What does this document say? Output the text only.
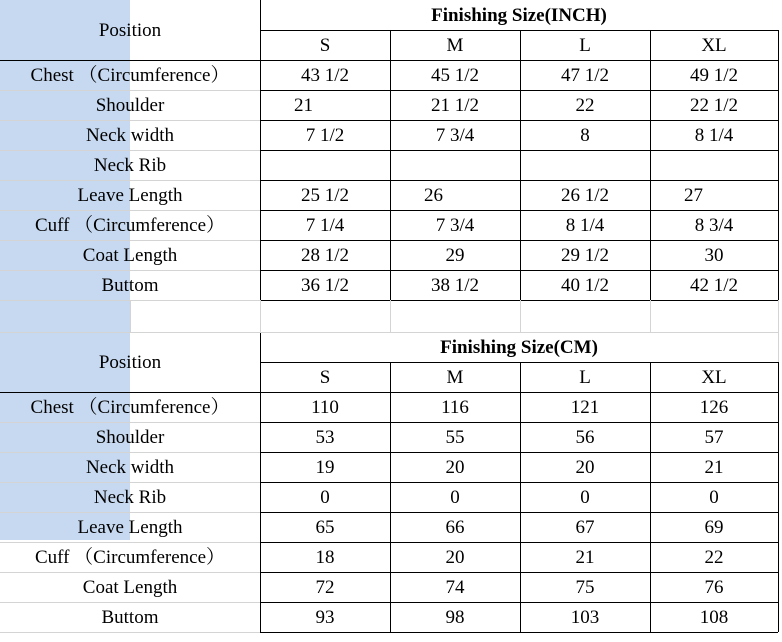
Position
Finishing Size(INCH)
S	M	L	XL
Chest （Circumference）	43 1/2	45 1/2	47 1/2	49 1/2
Shoulder	21	21 1/2	22	22 1/2
Neck width	7 1/2	7 3/4	8	8 1/4
Neck Rib
Leave Length	25 1/2	26	26 1/2	27
Cuff （Circumference）	7 1/4	7 3/4	8 1/4	8 3/4
Coat Length	28 1/2	29	29 1/2	30
Buttom	36 1/2	38 1/2	40 1/2	42 1/2
Position
Finishing Size(CM)
S	M	L	XL
Chest （Circumference）	110	116	121	126
Shoulder	53	55	56	57
Neck width	19	20	20	21
Neck Rib	0	0	0	0
Leave Length	65	66	67	69
Cuff （Circumference）	18	20	21	22
Coat Length	72	74	75	76
Buttom	93	98	103	108
